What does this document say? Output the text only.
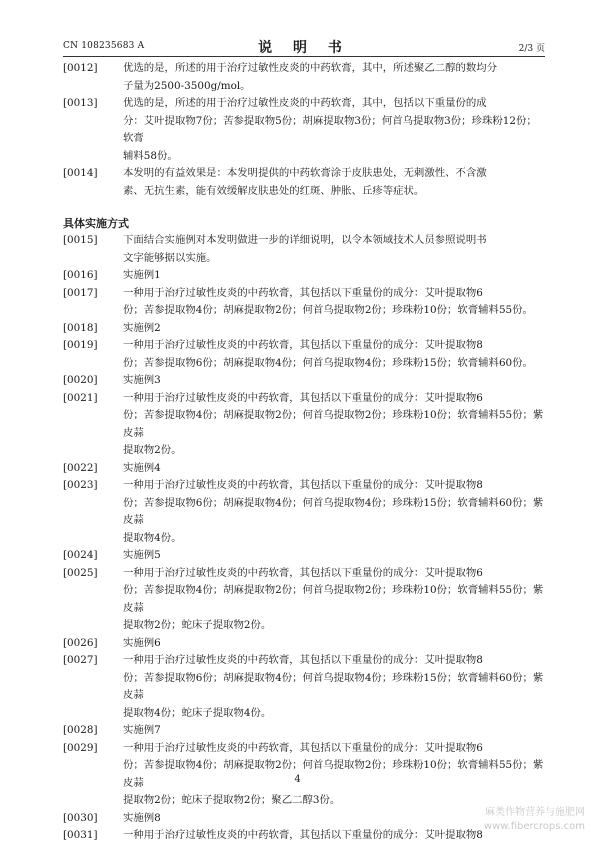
CN 108235683 A	说 明 书	2/3 页
[0012] 优选的是，所述的用于治疗过敏性皮炎的中药软膏，其中，所述聚乙二醇的数均分
子量为2500-3500g/mol。
[0013] 优选的是，所述的用于治疗过敏性皮炎的中药软膏，其中，包括以下重量份的成
分：艾叶提取物7份；苦参提取物5份；胡麻提取物3份；何首乌提取物3份；珍珠粉12份；软膏
辅料58份。
[0014] 本发明的有益效果是：本发明提供的中药软膏涂于皮肤患处，无刺激性、不含激
素、无抗生素，能有效缓解皮肤患处的红斑、肿胀、丘疹等症状。
具体实施方式
[0015] 下面结合实施例对本发明做进一步的详细说明，以令本领域技术人员参照说明书
文字能够据以实施。
[0016] 实施例1
[0017] 一种用于治疗过敏性皮炎的中药软膏，其包括以下重量份的成分：艾叶提取物6
份；苦参提取物4份；胡麻提取物2份；何首乌提取物2份；珍珠粉10份；软膏辅料55份。
[0018] 实施例2
[0019] 一种用于治疗过敏性皮炎的中药软膏，其包括以下重量份的成分：艾叶提取物8
份；苦参提取物6份；胡麻提取物4份；何首乌提取物4份；珍珠粉15份；软膏辅料60份。
[0020] 实施例3
[0021] 一种用于治疗过敏性皮炎的中药软膏，其包括以下重量份的成分：艾叶提取物6
份；苦参提取物4份；胡麻提取物2份；何首乌提取物2份；珍珠粉10份；软膏辅料55份；紫皮蒜
提取物2份。
[0022] 实施例4
[0023] 一种用于治疗过敏性皮炎的中药软膏，其包括以下重量份的成分：艾叶提取物8
份；苦参提取物6份；胡麻提取物4份；何首乌提取物4份；珍珠粉15份；软膏辅料60份；紫皮蒜
提取物4份。
[0024] 实施例5
[0025] 一种用于治疗过敏性皮炎的中药软膏，其包括以下重量份的成分：艾叶提取物6
份；苦参提取物4份；胡麻提取物2份；何首乌提取物2份；珍珠粉10份；软膏辅料55份；紫皮蒜
提取物2份；蛇床子提取物2份。
[0026] 实施例6
[0027] 一种用于治疗过敏性皮炎的中药软膏，其包括以下重量份的成分：艾叶提取物8
份；苦参提取物6份；胡麻提取物4份；何首乌提取物4份；珍珠粉15份；软膏辅料60份；紫皮蒜
提取物4份；蛇床子提取物4份。
[0028] 实施例7
[0029] 一种用于治疗过敏性皮炎的中药软膏，其包括以下重量份的成分：艾叶提取物6
份；苦参提取物4份；胡麻提取物2份；何首乌提取物2份；珍珠粉10份；软膏辅料55份；紫皮蒜
提取物2份；蛇床子提取物2份；聚乙二醇3份。
[0030] 实施例8
[0031] 一种用于治疗过敏性皮炎的中药软膏，其包括以下重量份的成分：艾叶提取物8
4
麻类作物营养与施肥网
www.fibercrops.com
